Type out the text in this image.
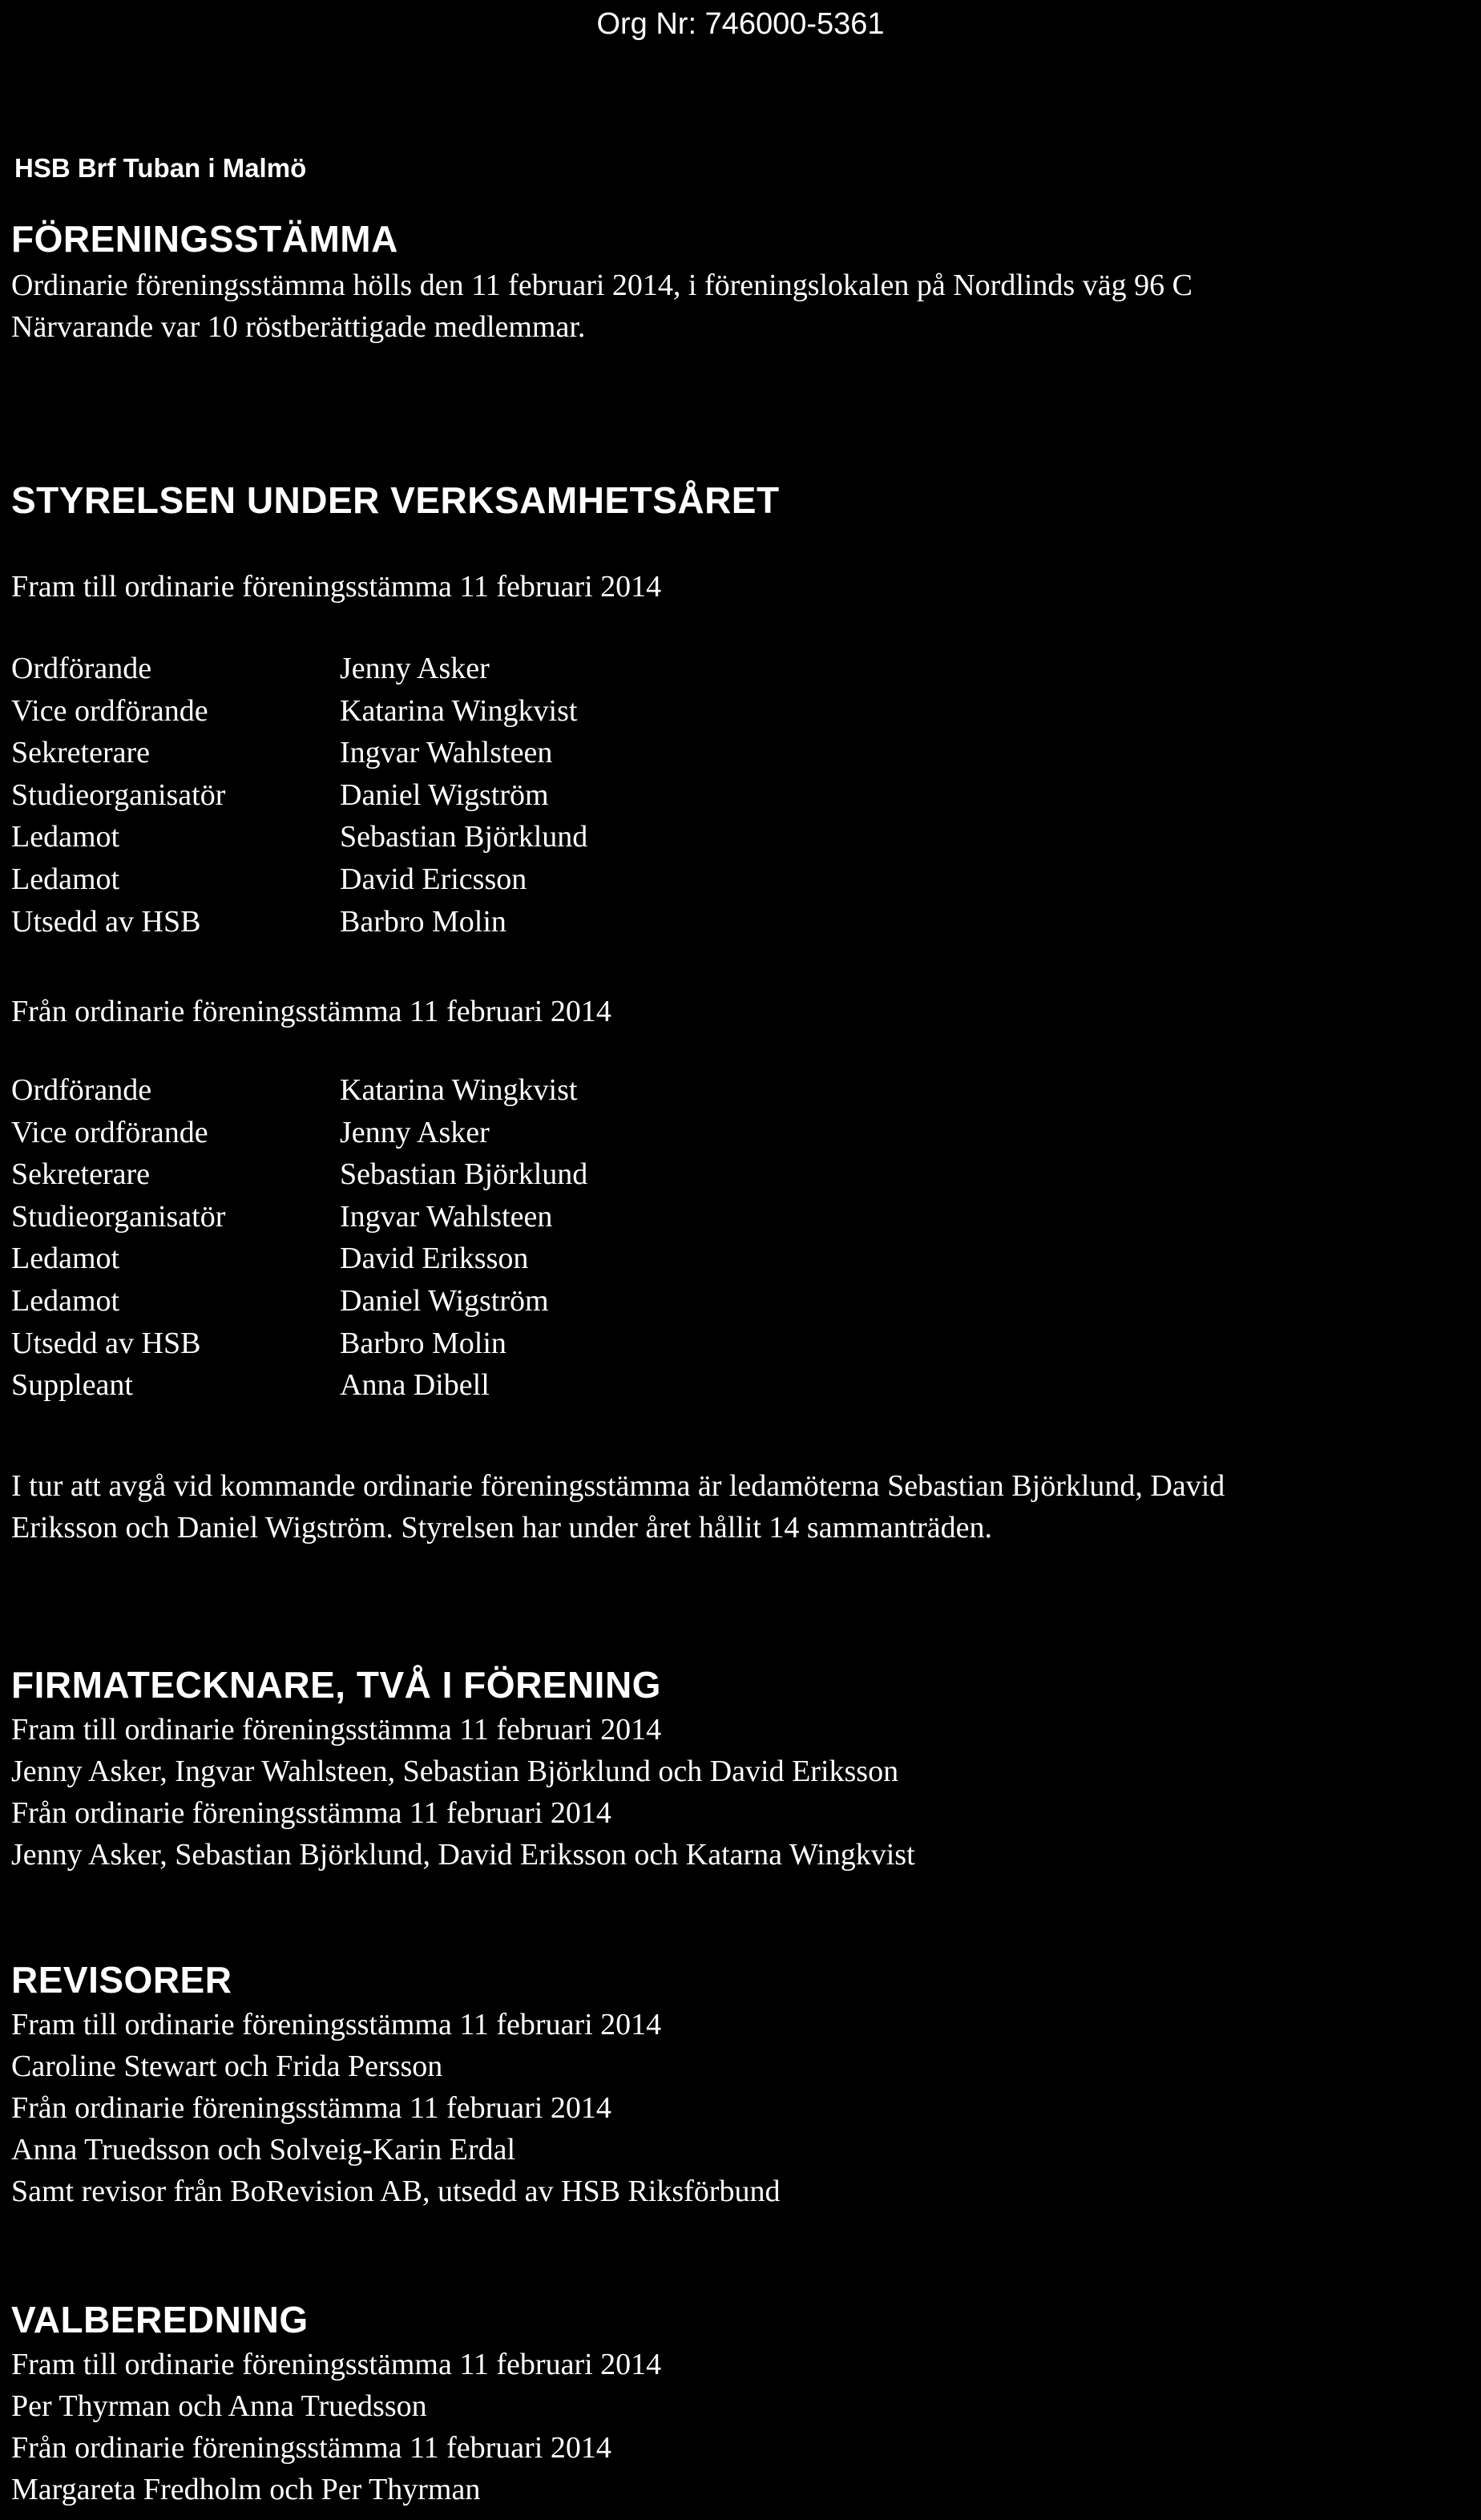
Org Nr: 746000-5361
HSB Brf Tuban i Malmö
FÖRENINGSSTÄMMA
Ordinarie föreningsstämma hölls den 11 februari 2014, i föreningslokalen på Nordlinds väg 96 C
Närvarande var 10 röstberättigade medlemmar.
STYRELSEN UNDER VERKSAMHETSÅRET
Fram till ordinarie föreningsstämma 11 februari 2014
Ordförande	Jenny Asker
Vice ordförande	Katarina Wingkvist
Sekreterare	Ingvar Wahlsteen
Studieorganisatör	Daniel Wigström
Ledamot	Sebastian Björklund
Ledamot	David Ericsson
Utsedd av HSB	Barbro Molin
Från ordinarie föreningsstämma 11 februari 2014
Ordförande	Katarina Wingkvist
Vice ordförande	Jenny Asker
Sekreterare	Sebastian Björklund
Studieorganisatör	Ingvar Wahlsteen
Ledamot	David Eriksson
Ledamot	Daniel Wigström
Utsedd av HSB	Barbro Molin
Suppleant	Anna Dibell
I tur att avgå vid kommande ordinarie föreningsstämma är ledamöterna Sebastian Björklund, David
Eriksson och Daniel Wigström. Styrelsen har under året hållit 14 sammanträden.
FIRMATECKNARE, TVÅ I FÖRENING
Fram till ordinarie föreningsstämma 11 februari 2014
Jenny Asker, Ingvar Wahlsteen, Sebastian Björklund och David Eriksson
Från ordinarie föreningsstämma 11 februari 2014
Jenny Asker, Sebastian Björklund, David Eriksson och Katarna Wingkvist
REVISORER
Fram till ordinarie föreningsstämma 11 februari 2014
Caroline Stewart och Frida Persson
Från ordinarie föreningsstämma 11 februari 2014
Anna Truedsson och Solveig-Karin Erdal
Samt revisor från BoRevision AB, utsedd av HSB Riksförbund
VALBEREDNING
Fram till ordinarie föreningsstämma 11 februari 2014
Per Thyrman och Anna Truedsson
Från ordinarie föreningsstämma 11 februari 2014
Margareta Fredholm och Per Thyrman
